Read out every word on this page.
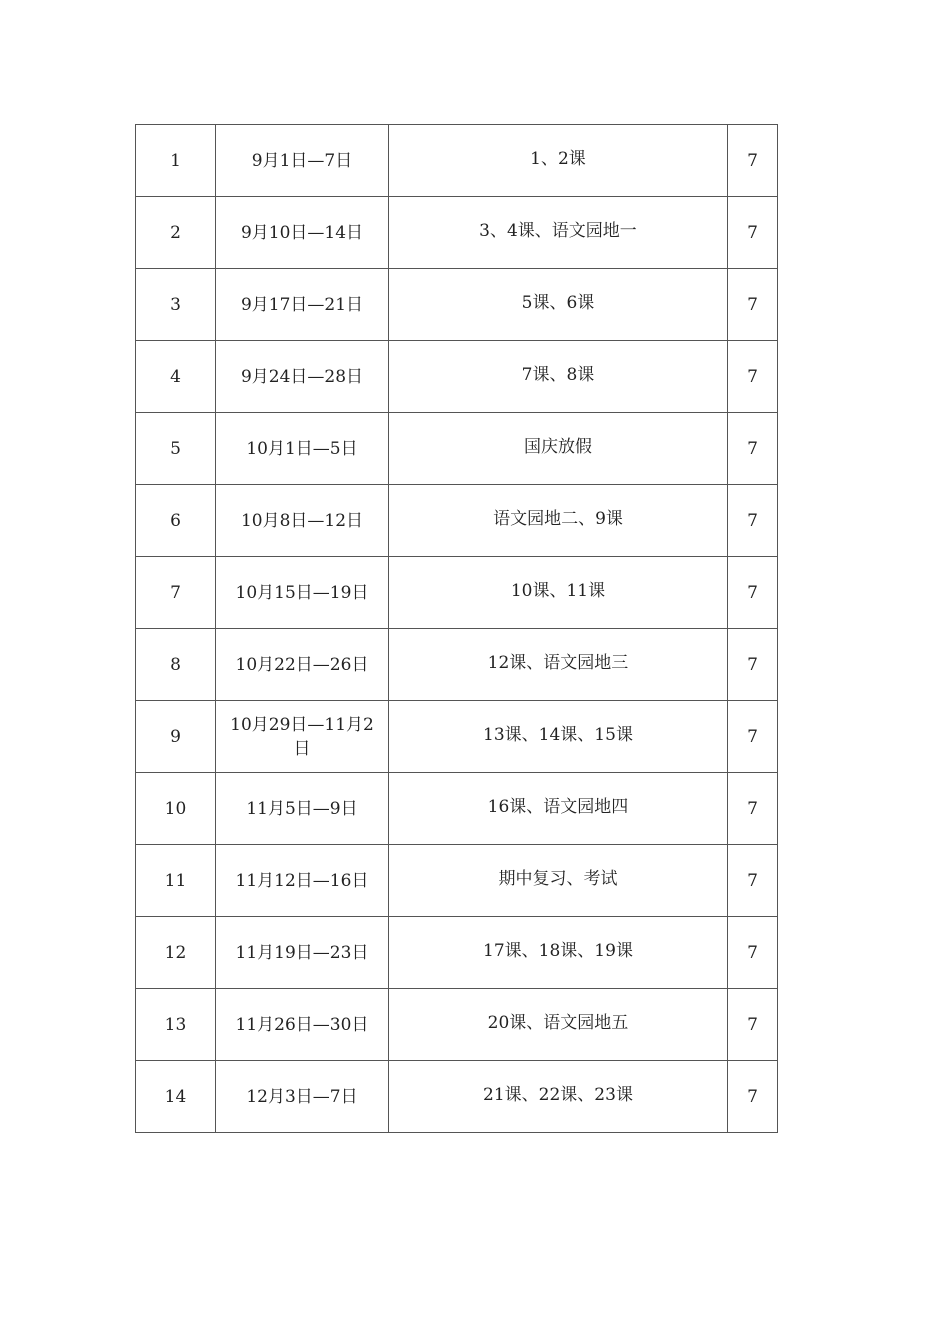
1	9月1日—7日	1、2课	7
2	9月10日—14日	3、4课、语文园地一	7
3	9月17日—21日	5课、6课	7
4	9月24日—28日	7课、8课	7
5	10月1日—5日	国庆放假	7
6	10月8日—12日	语文园地二、9课	7
7	10月15日—19日	10课、11课	7
8	10月22日—26日	12课、语文园地三	7
9	10月29日—11月2日	13课、14课、15课	7
10	11月5日—9日	16课、语文园地四	7
11	11月12日—16日	期中复习、考试	7
12	11月19日—23日	17课、18课、19课	7
13	11月26日—30日	20课、语文园地五	7
14	12月3日—7日	21课、22课、23课	7
